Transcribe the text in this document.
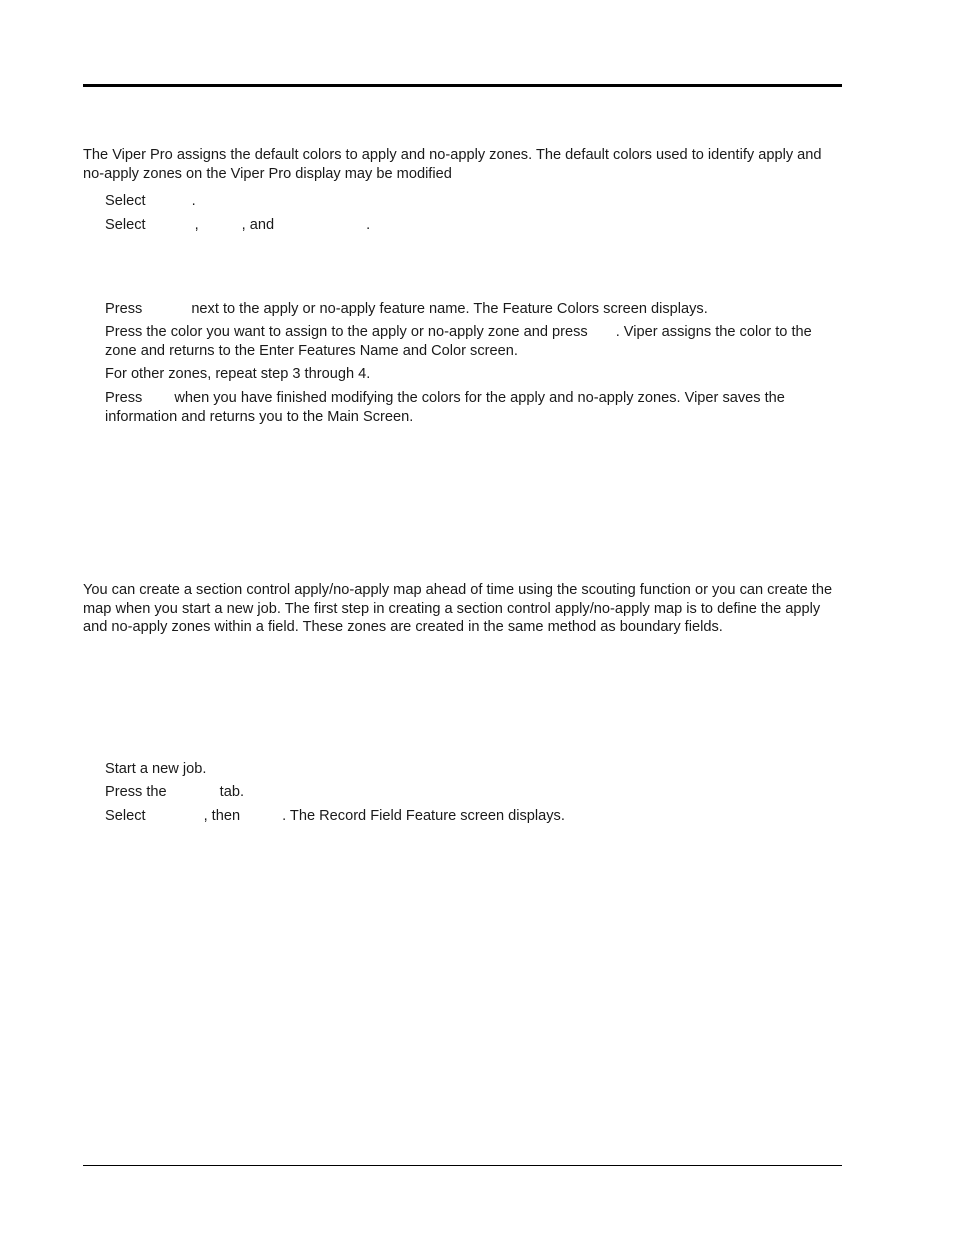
The Viper Pro assigns the default colors to apply and no-apply zones. The default colors used to identify apply and no-apply zones on the Viper Pro display may be modified

Select	.

Select	,	, and	.

Press	next to the apply or no-apply feature name. The Feature Colors screen displays.

Press the color you want to assign to the apply or no-apply zone and press . Viper assigns the color to the zone and returns to the Enter Features Name and Color screen.

For other zones, repeat step 3 through 4.

Press when you have finished modifying the colors for the apply and no-apply zones. Viper saves the information and returns you to the Main Screen.

You can create a section control apply/no-apply map ahead of time using the scouting function or you can create the map when you start a new job. The first step in creating a section control apply/no-apply map is to define the apply and no-apply zones within a field. These zones are created in the same method as boundary fields.

Start a new job.

Press the	tab.

Select	, then	. The Record Field Feature screen displays.
